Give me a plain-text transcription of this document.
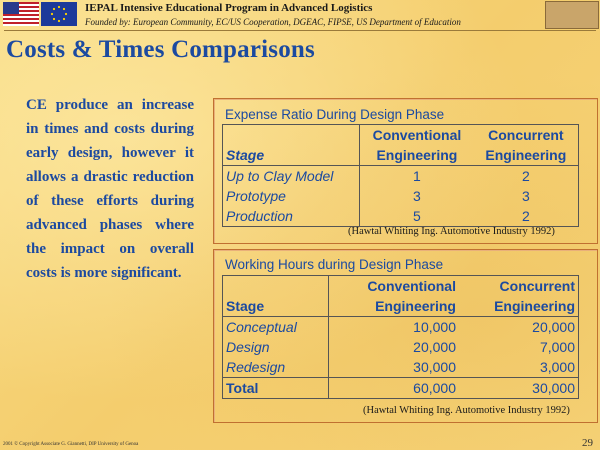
IEPAL Intensive Educational Program in Advanced Logistics
Founded by: European Community, EC/US Cooperation, DGEAC, FIPSE, US Department of Education
Costs & Times Comparisons
CE produce an increase in times and costs during early design, however it allows a drastic reduction of these efforts during advanced phases where the impact on overall costs is more significant.
Expense Ratio During Design Phase
	Conventional	Concurrent
Stage	Engineering	Engineering
Up to Clay Model	1	2
Prototype	3	3
Production	5	2
(Hawtal Whiting Ing. Automotive Industry 1992)
Working Hours during Design Phase
	Conventional	Concurrent
Stage	Engineering	Engineering
Conceptual	10,000	20,000
Design	20,000	7,000
Redesign	30,000	3,000
Total	60,000	30,000
(Hawtal Whiting Ing. Automotive Industry 1992)
2001 © Copyright Associate G. Giannetti, DIP University of Genoa	29
